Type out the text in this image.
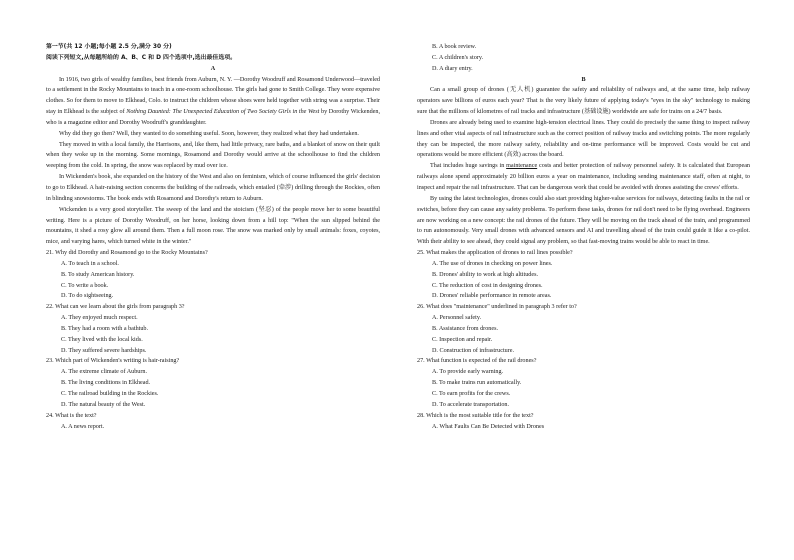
第一节(共 12 小题;每小题 2.5 分,满分 30 分)

阅读下列短文,从每题所给的 A、B、C 和 D 四个选项中,选出最佳选项。

A

In 1916, two girls of wealthy families, best friends from Auburn, N. Y. —Dorothy Woodruff and Rosamond Underwood—traveled to a settlement in the Rocky Mountains to teach in a one-room schoolhouse. The girls had gone to Smith College. They wore expensive clothes. So for them to move to Elkhead, Colo. to instruct the children whose shoes were held together with string was a surprise. Their stay in Elkhead is the subject of Nothing Daunted: The Unexpected Education of Two Society Girls in the West by Dorothy Wickenden, who is a magazine editor and Dorothy Woodruff's granddaughter.

Why did they go then? Well, they wanted to do something useful. Soon, however, they realized what they had undertaken.

They moved in with a local family, the Harrisons, and, like them, had little privacy, rare baths, and a blanket of snow on their quilt when they woke up in the morning. Some mornings, Rosamond and Dorothy would arrive at the schoolhouse to find the children weeping from the cold. In spring, the snow was replaced by mud over ice.

In Wickenden's book, she expanded on the history of the West and also on feminism, which of course influenced the girls' decision to go to Elkhead. A hair-raising section concerns the building of the railroads, which entailed (牵涉) drilling through the Rockies, often in blinding snowstorms. The book ends with Rosamond and Dorothy's return to Auburn.

Wickenden is a very good storyteller. The sweep of the land and the stoicism (坚忍) of the people move her to some beautiful writing. Here is a picture of Dorothy Woodruff, on her horse, looking down from a hill top: "When the sun slipped behind the mountains, it shed a rosy glow all around them. Then a full moon rose. The snow was marked only by small animals: foxes, coyotes, mice, and varying hares, which turned white in the winter."

21. Why did Dorothy and Rosamond go to the Rocky Mountains?

A. To teach in a school.

B. To study American history.

C. To write a book.

D. To do sightseeing.

22. What can we learn about the girls from paragraph 3?

A. They enjoyed much respect.

B. They had a room with a bathtub.

C. They lived with the local kids.

D. They suffered severe hardships.

23. Which part of Wickenden's writing is hair-raising?

A. The extreme climate of Auburn.

B. The living conditions in Elkhead.

C. The railroad building in the Rockies.

D. The natural beauty of the West.

24. What is the text?

A. A news report.

B. A book review.

C. A children's story.

D. A diary entry.

B

Can a small group of drones (无人机) guarantee the safety and reliability of railways and, at the same time, help railway operators save billions of euros each year? That is the very likely future of applying today's "eyes in the sky" technology to making sure that the millions of kilometres of rail tracks and infrastructure (基础设施) worldwide are safe for trains on a 24/7 basis.

Drones are already being used to examine high-tension electrical lines. They could do precisely the same thing to inspect railway lines and other vital aspects of rail infrastructure such as the correct position of railway tracks and switching points. The more regularly they can be inspected, the more railway safety, reliability and on-time performance will be improved. Costs would be cut and operations would be more efficient (高效) across the board.

That includes huge savings in maintenance costs and better protection of railway personnel safety. It is calculated that European railways alone spend approximately 20 billion euros a year on maintenance, including sending maintenance staff, often at night, to inspect and repair the rail infrastructure. That can be dangerous work that could be avoided with drones assisting the crews' efforts.

By using the latest technologies, drones could also start providing higher-value services for railways, detecting faults in the rail or switches, before they can cause any safety problems. To perform these tasks, drones for rail don't need to be flying overhead. Engineers are now working on a new concept: the rail drones of the future. They will be moving on the track ahead of the train, and programmed to run autonomously. Very small drones with advanced sensors and AI and travelling ahead of the train could guide it like a co-pilot. With their ability to see ahead, they could signal any problem, so that fast-moving trains would be able to react in time.

25. What makes the application of drones to rail lines possible?

A. The use of drones in checking on power lines.

B. Drones' ability to work at high altitudes.

C. The reduction of cost in designing drones.

D. Drones' reliable performance in remote areas.

26. What does "maintenance" underlined in paragraph 3 refer to?

A. Personnel safety.

B. Assistance from drones.

C. Inspection and repair.

D. Construction of infrastructure.

27. What function is expected of the rail drones?

A. To provide early warning.

B. To make trains run automatically.

C. To earn profits for the crews.

D. To accelerate transportation.

28. Which is the most suitable title for the text?

A. What Faults Can Be Detected with Drones
